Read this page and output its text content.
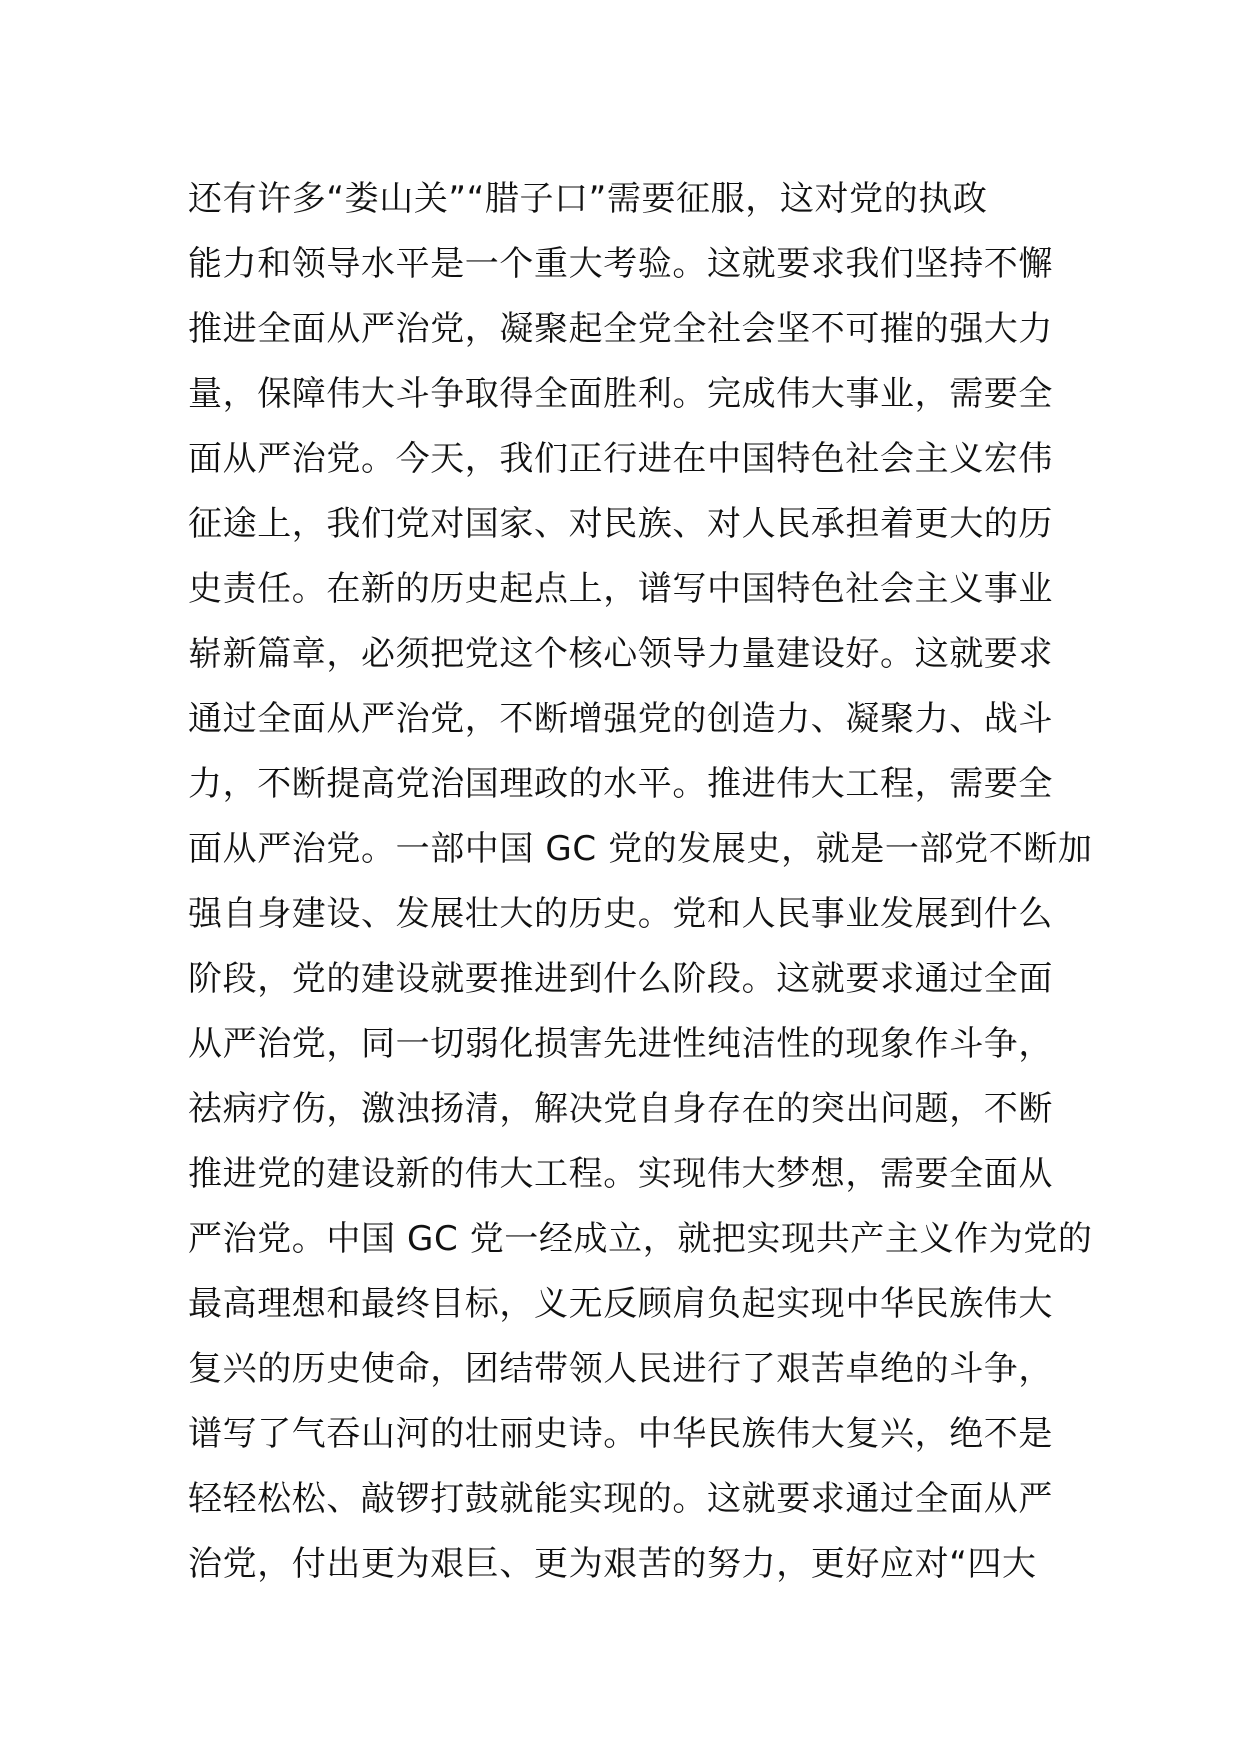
还有许多“娄山关”“腊子口”需要征服，这对党的执政
能力和领导水平是一个重大考验。这就要求我们坚持不懈
推进全面从严治党，凝聚起全党全社会坚不可摧的强大力
量，保障伟大斗争取得全面胜利。完成伟大事业，需要全
面从严治党。今天，我们正行进在中国特色社会主义宏伟
征途上，我们党对国家、对民族、对人民承担着更大的历
史责任。在新的历史起点上，谱写中国特色社会主义事业
崭新篇章，必须把党这个核心领导力量建设好。这就要求
通过全面从严治党，不断增强党的创造力、凝聚力、战斗
力，不断提高党治国理政的水平。推进伟大工程，需要全
面从严治党。一部中国 GC 党的发展史，就是一部党不断加
强自身建设、发展壮大的历史。党和人民事业发展到什么
阶段，党的建设就要推进到什么阶段。这就要求通过全面
从严治党，同一切弱化损害先进性纯洁性的现象作斗争，
祛病疗伤，激浊扬清，解决党自身存在的突出问题，不断
推进党的建设新的伟大工程。实现伟大梦想，需要全面从
严治党。中国 GC 党一经成立，就把实现共产主义作为党的
最高理想和最终目标，义无反顾肩负起实现中华民族伟大
复兴的历史使命，团结带领人民进行了艰苦卓绝的斗争，
谱写了气吞山河的壮丽史诗。中华民族伟大复兴，绝不是
轻轻松松、敲锣打鼓就能实现的。这就要求通过全面从严
治党，付出更为艰巨、更为艰苦的努力，更好应对“四大
